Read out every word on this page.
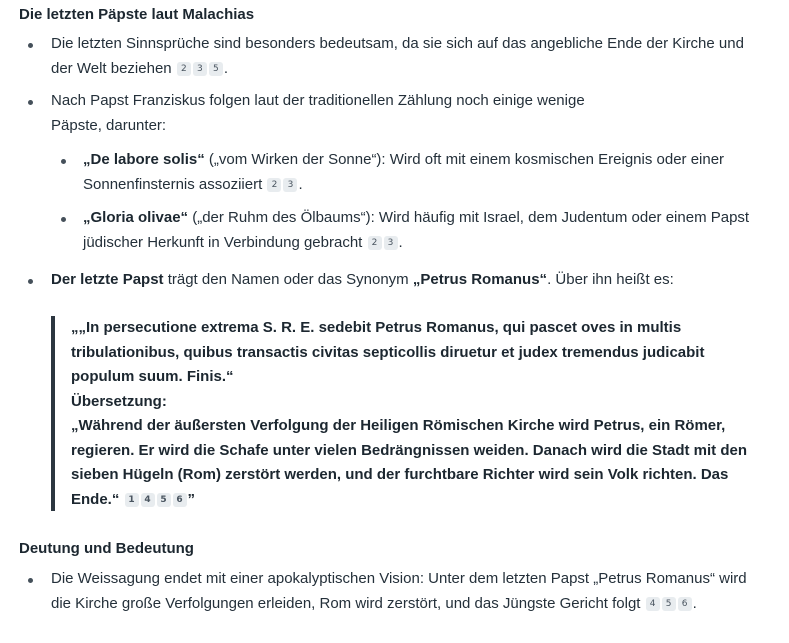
Die letzten Päpste laut Malachias

Die letzten Sinnsprüche sind besonders bedeutsam, da sie sich auf das angebliche Ende der Kirche und der Welt beziehen 2 3 5 .

Nach Papst Franziskus folgen laut der traditionellen Zählung noch einige wenige
Päpste, darunter:

„De labore solis“ („vom Wirken der Sonne“): Wird oft mit einem kosmischen Ereignis oder einer Sonnenfinsternis assoziiert 2 3 .

„Gloria olivae“ („der Ruhm des Ölbaums“): Wird häufig mit Israel, dem Judentum oder einem Papst jüdischer Herkunft in Verbindung gebracht 2 3 .

Der letzte Papst trägt den Namen oder das Synonym „Petrus Romanus“. Über ihn heißt es:

„„In persecutione extrema S. R. E. sedebit Petrus Romanus, qui pascet oves in multis tribulationibus, quibus transactis civitas septicollis diruetur et judex tremendus judicabit populum suum. Finis.“
Übersetzung:
„Während der äußersten Verfolgung der Heiligen Römischen Kirche wird Petrus, ein Römer, regieren. Er wird die Schafe unter vielen Bedrängnissen weiden. Danach wird die Stadt mit den sieben Hügeln (Rom) zerstört werden, und der furchtbare Richter wird sein Volk richten. Das Ende.“ 1 4 5 6 ”
Deutung und Bedeutung

Die Weissagung endet mit einer apokalyptischen Vision: Unter dem letzten Papst „Petrus Romanus“ wird die Kirche große Verfolgungen erleiden, Rom wird zerstört, und das Jüngste Gericht folgt 4 5 6 .
